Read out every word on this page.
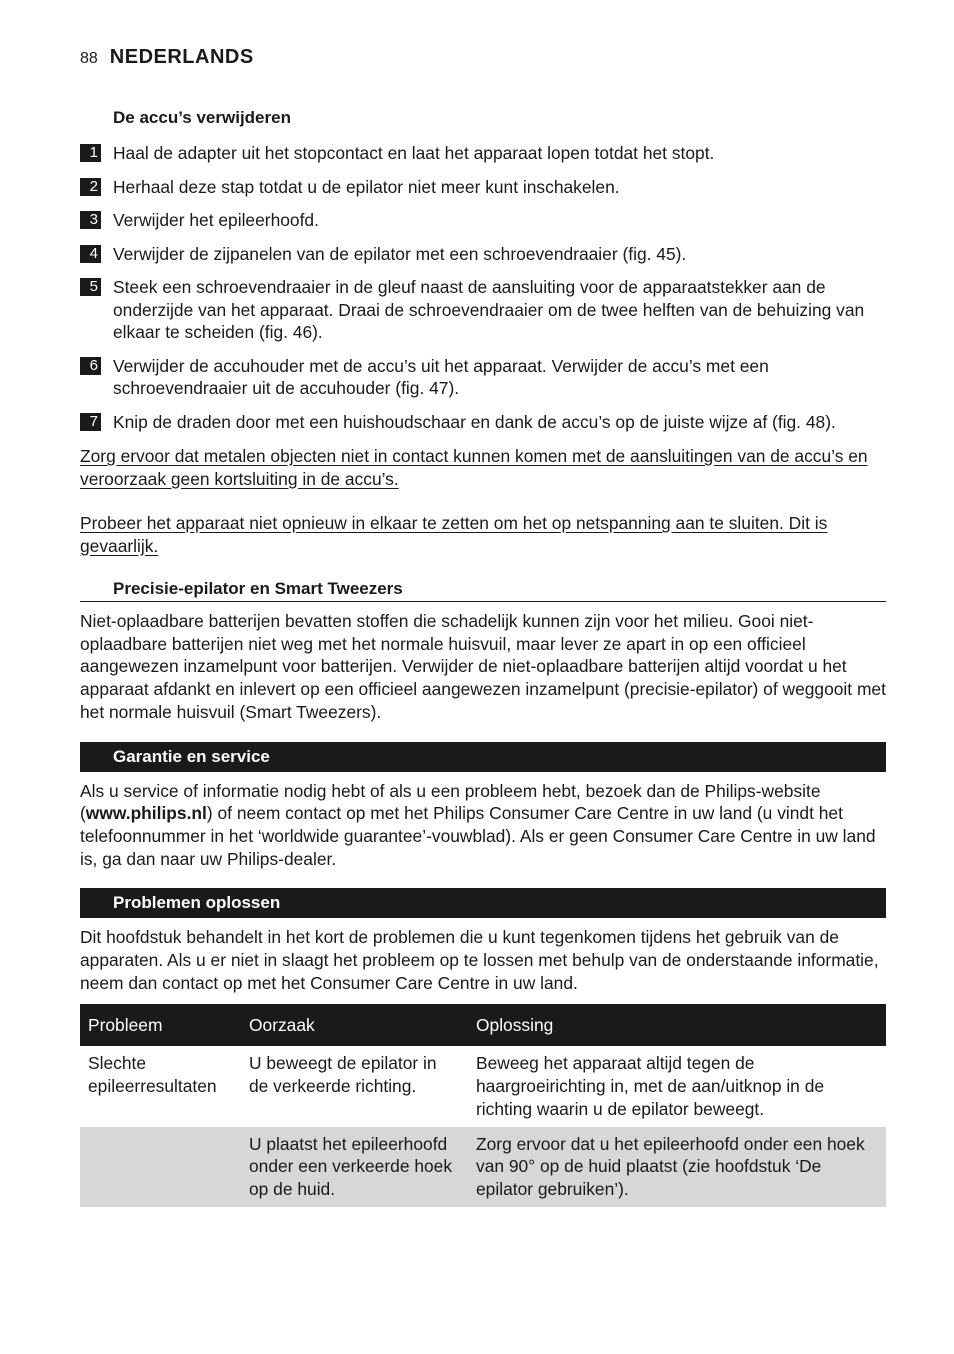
88 NEDERLANDS
De accu’s verwijderen
1 Haal de adapter uit het stopcontact en laat het apparaat lopen totdat het stopt.
2 Herhaal deze stap totdat u de epilator niet meer kunt inschakelen.
3 Verwijder het epileerhoofd.
4 Verwijder de zijpanelen van de epilator met een schroevendraaier (fig. 45).
5 Steek een schroevendraaier in de gleuf naast de aansluiting voor de apparaatstekker aan de onderzijde van het apparaat. Draai de schroevendraaier om de twee helften van de behuizing van elkaar te scheiden (fig. 46).
6 Verwijder de accuhouder met de accu’s uit het apparaat. Verwijder de accu’s met een schroevendraaier uit de accuhouder (fig. 47).
7 Knip de draden door met een huishoudschaar en dank de accu’s op de juiste wijze af (fig. 48).
Zorg ervoor dat metalen objecten niet in contact kunnen komen met de aansluitingen van de accu’s en veroorzaak geen kortsluiting in de accu’s.
Probeer het apparaat niet opnieuw in elkaar te zetten om het op netspanning aan te sluiten. Dit is gevaarlijk.
Precisie-epilator en Smart Tweezers
Niet-oplaadbare batterijen bevatten stoffen die schadelijk kunnen zijn voor het milieu. Gooi niet-oplaadbare batterijen niet weg met het normale huisvuil, maar lever ze apart in op een officieel aangewezen inzamelpunt voor batterijen. Verwijder de niet-oplaadbare batterijen altijd voordat u het apparaat afdankt en inlevert op een officieel aangewezen inzamelpunt (precisie-epilator) of weggooit met het normale huisvuil (Smart Tweezers).
Garantie en service
Als u service of informatie nodig hebt of als u een probleem hebt, bezoek dan de Philips-website (www.philips.nl) of neem contact op met het Philips Consumer Care Centre in uw land (u vindt het telefoonnummer in het ‘worldwide guarantee’-vouwblad). Als er geen Consumer Care Centre in uw land is, ga dan naar uw Philips-dealer.
Problemen oplossen
Dit hoofdstuk behandelt in het kort de problemen die u kunt tegenkomen tijdens het gebruik van de apparaten. Als u er niet in slaagt het probleem op te lossen met behulp van de onderstaande informatie, neem dan contact op met het Consumer Care Centre in uw land.
Probleem	Oorzaak	Oplossing
Slechte epileerresultaten	U beweegt de epilator in de verkeerde richting.	Beweeg het apparaat altijd tegen de haargroeirichting in, met de aan/uitknop in de richting waarin u de epilator beweegt.
	U plaatst het epileerhoofd onder een verkeerde hoek op de huid.	Zorg ervoor dat u het epileerhoofd onder een hoek van 90° op de huid plaatst (zie hoofdstuk ‘De epilator gebruiken’).
